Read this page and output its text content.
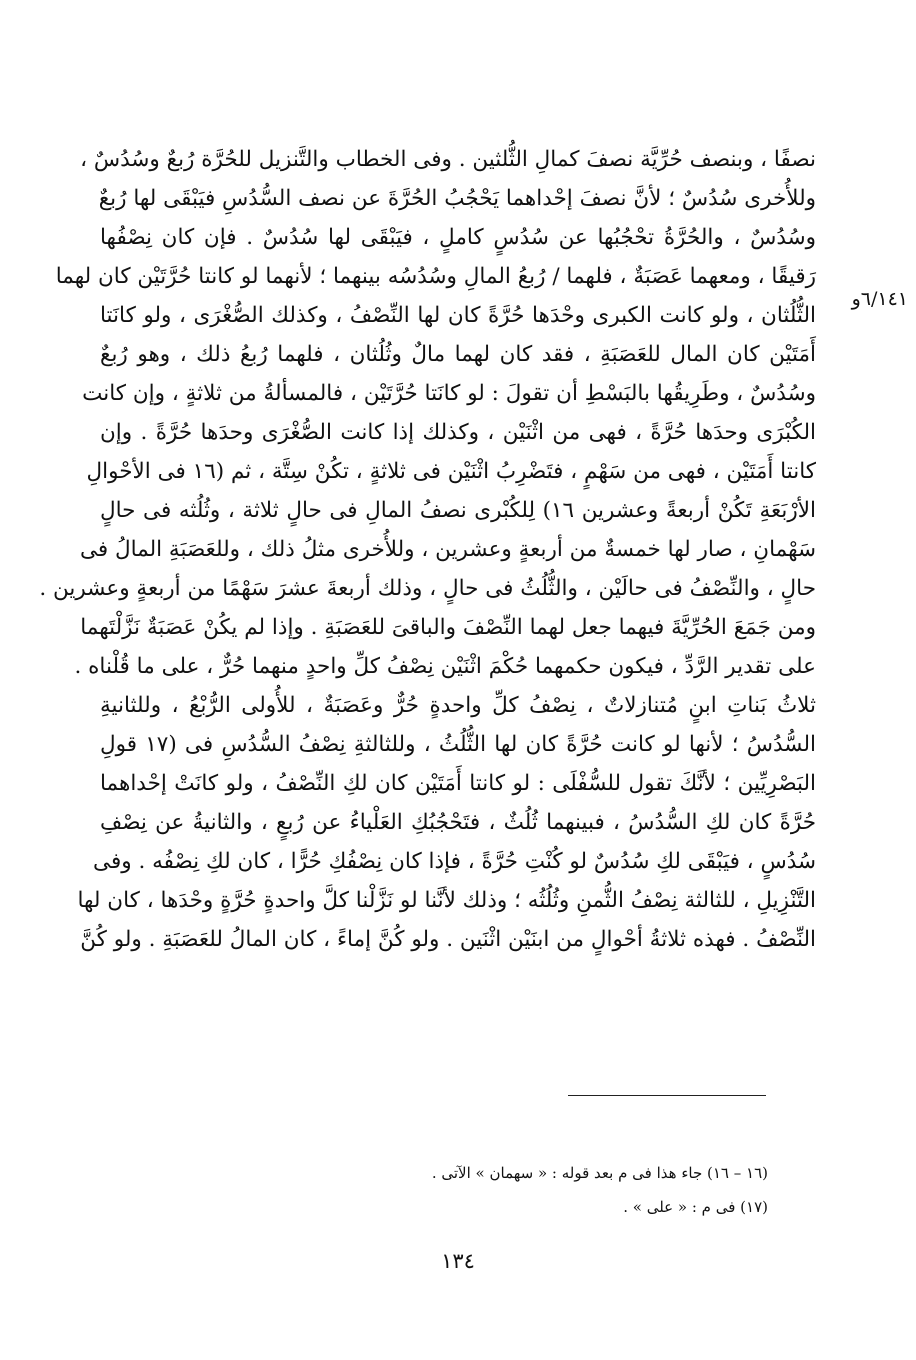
نصفًا ، وبنصف حُرِّيَّة نصفَ كمالِ الثُّلثين . وفى الخطاب والتَّنزيل للحُرَّة رُبعٌ وسُدُسٌ ،
وللأُخرى سُدُسٌ ؛ لأنَّ نصفَ إحْداهما يَحْجُبُ الحُرَّةَ عن نصف السُّدُسِ فيَبْقَى لها رُبعٌ
وسُدُسٌ ، والحُرَّةُ تحْجُبُها عن سُدُسٍ كاملٍ ، فيَبْقَى لها سُدُسٌ . فإن كان نِصْفُها
رَقيقًا ، ومعهما عَصَبَةٌ ، فلهما / رُبعُ المالِ وسُدُسُه بينهما ؛ لأنهما لو كانتا حُرَّتَيْن كان لهما
الثُّلُثان ، ولو كانت الكبرى وحْدَها حُرَّةً كان لها النِّصْفُ ، وكذلك الصُّغْرَى ، ولو كانَتا
أَمَتَيْن كان المال للعَصَبَةِ ، فقد كان لهما مالٌ وثُلُثان ، فلهما رُبعُ ذلك ، وهو رُبعٌ
وسُدُسٌ ، وطَرِيقُها بالبَسْطِ أن تقولَ : لو كانَتا حُرَّتَيْن ، فالمسألةُ من ثلاثةٍ ، وإن كانت
الكُبْرَى وحدَها حُرَّةً ، فهى من اثْنَيْن ، وكذلك إذا كانت الصُّغْرَى وحدَها حُرَّةً . وإن
كانتا أَمَتَيْن ، فهى من سَهْمٍ ، فتَضْرِبُ اثْنَيْن فى ثلاثةٍ ، تكُنْ سِتَّة ، ثم (١٦ فى الأحْوالِ
الأرْبَعَةِ تَكُنْ أربعةً وعشرين ١٦) لِلكُبْرى نصفُ المالِ فى حالٍ ثلاثة ، وثُلُثه فى حالٍ
سَهْمانِ ، صار لها خمسةٌ من أربعةٍ وعشرين ، وللأُخرى مثلُ ذلك ، وللعَصَبَةِ المالُ فى
حالٍ ، والنِّصْفُ فى حالَيْن ، والثُّلُثُ فى حالٍ ، وذلك أربعةَ عشرَ سَهْمًا من أربعةٍ وعشرين .
ومن جَمَعَ الحُرِّيَّةَ فيهما جعل لهما النِّصْفَ والباقىَ للعَصَبَةِ . وإذا لم يكُنْ عَصَبَةٌ نَزَّلْتَهما
على تقدير الرَّدِّ ، فيكون حكمهما حُكْمَ اثْنَيْن نِصْفُ كلِّ واحدٍ منهما حُرٌّ ، على ما قُلْناه .
ثلاثُ بَناتِ ابنٍ مُتنازلاتٌ ، نِصْفُ كلِّ واحدةٍ حُرٌّ وعَصَبَةٌ ، للأُولى الرُّبْعُ ، وللثانيةِ
السُّدُسُ ؛ لأنها لو كانت حُرَّةً كان لها الثُّلُثُ ، وللثالثةِ نِصْفُ السُّدُسِ فى (١٧ قولِ
البَصْرِيِّين ؛ لأنَّكَ تقول للسُّفْلَى : لو كانتا أَمَتَيْن كان لكِ النِّصْفُ ، ولو كانَتْ إحْداهما
حُرَّةً كان لكِ السُّدُسُ ، فبينهما ثُلُثٌ ، فتَحْجُبُكِ العَلْياءُ عن رُبعٍ ، والثانيةُ عن نِصْفِ
سُدُسٍ ، فيَبْقَى لكِ سُدُسٌ لو كُنْتِ حُرَّةً ، فإذا كان نِصْفُكِ حُرًّا ، كان لكِ نِصْفُه . وفى
التَّنْزِيلِ ، للثالثة نِصْفُ الثُّمنِ وثُلُثُه ؛ وذلك لأنَّنا لو نَزَّلْنا كلَّ واحدةٍ حُرَّةٍ وحْدَها ، كان لها
النِّصْفُ . فهذه ثلاثةُ أحْوالٍ من ابنَيْن اثْنَين . ولو كُنَّ إماءً ، كان المالُ للعَصَبَةِ . ولو كُنَّ
٦/١٤١و
(١٦ – ١٦) جاء هذا فى م بعد قوله : « سهمان » الآتى .
(١٧) فى م : « على » .
١٣٤
